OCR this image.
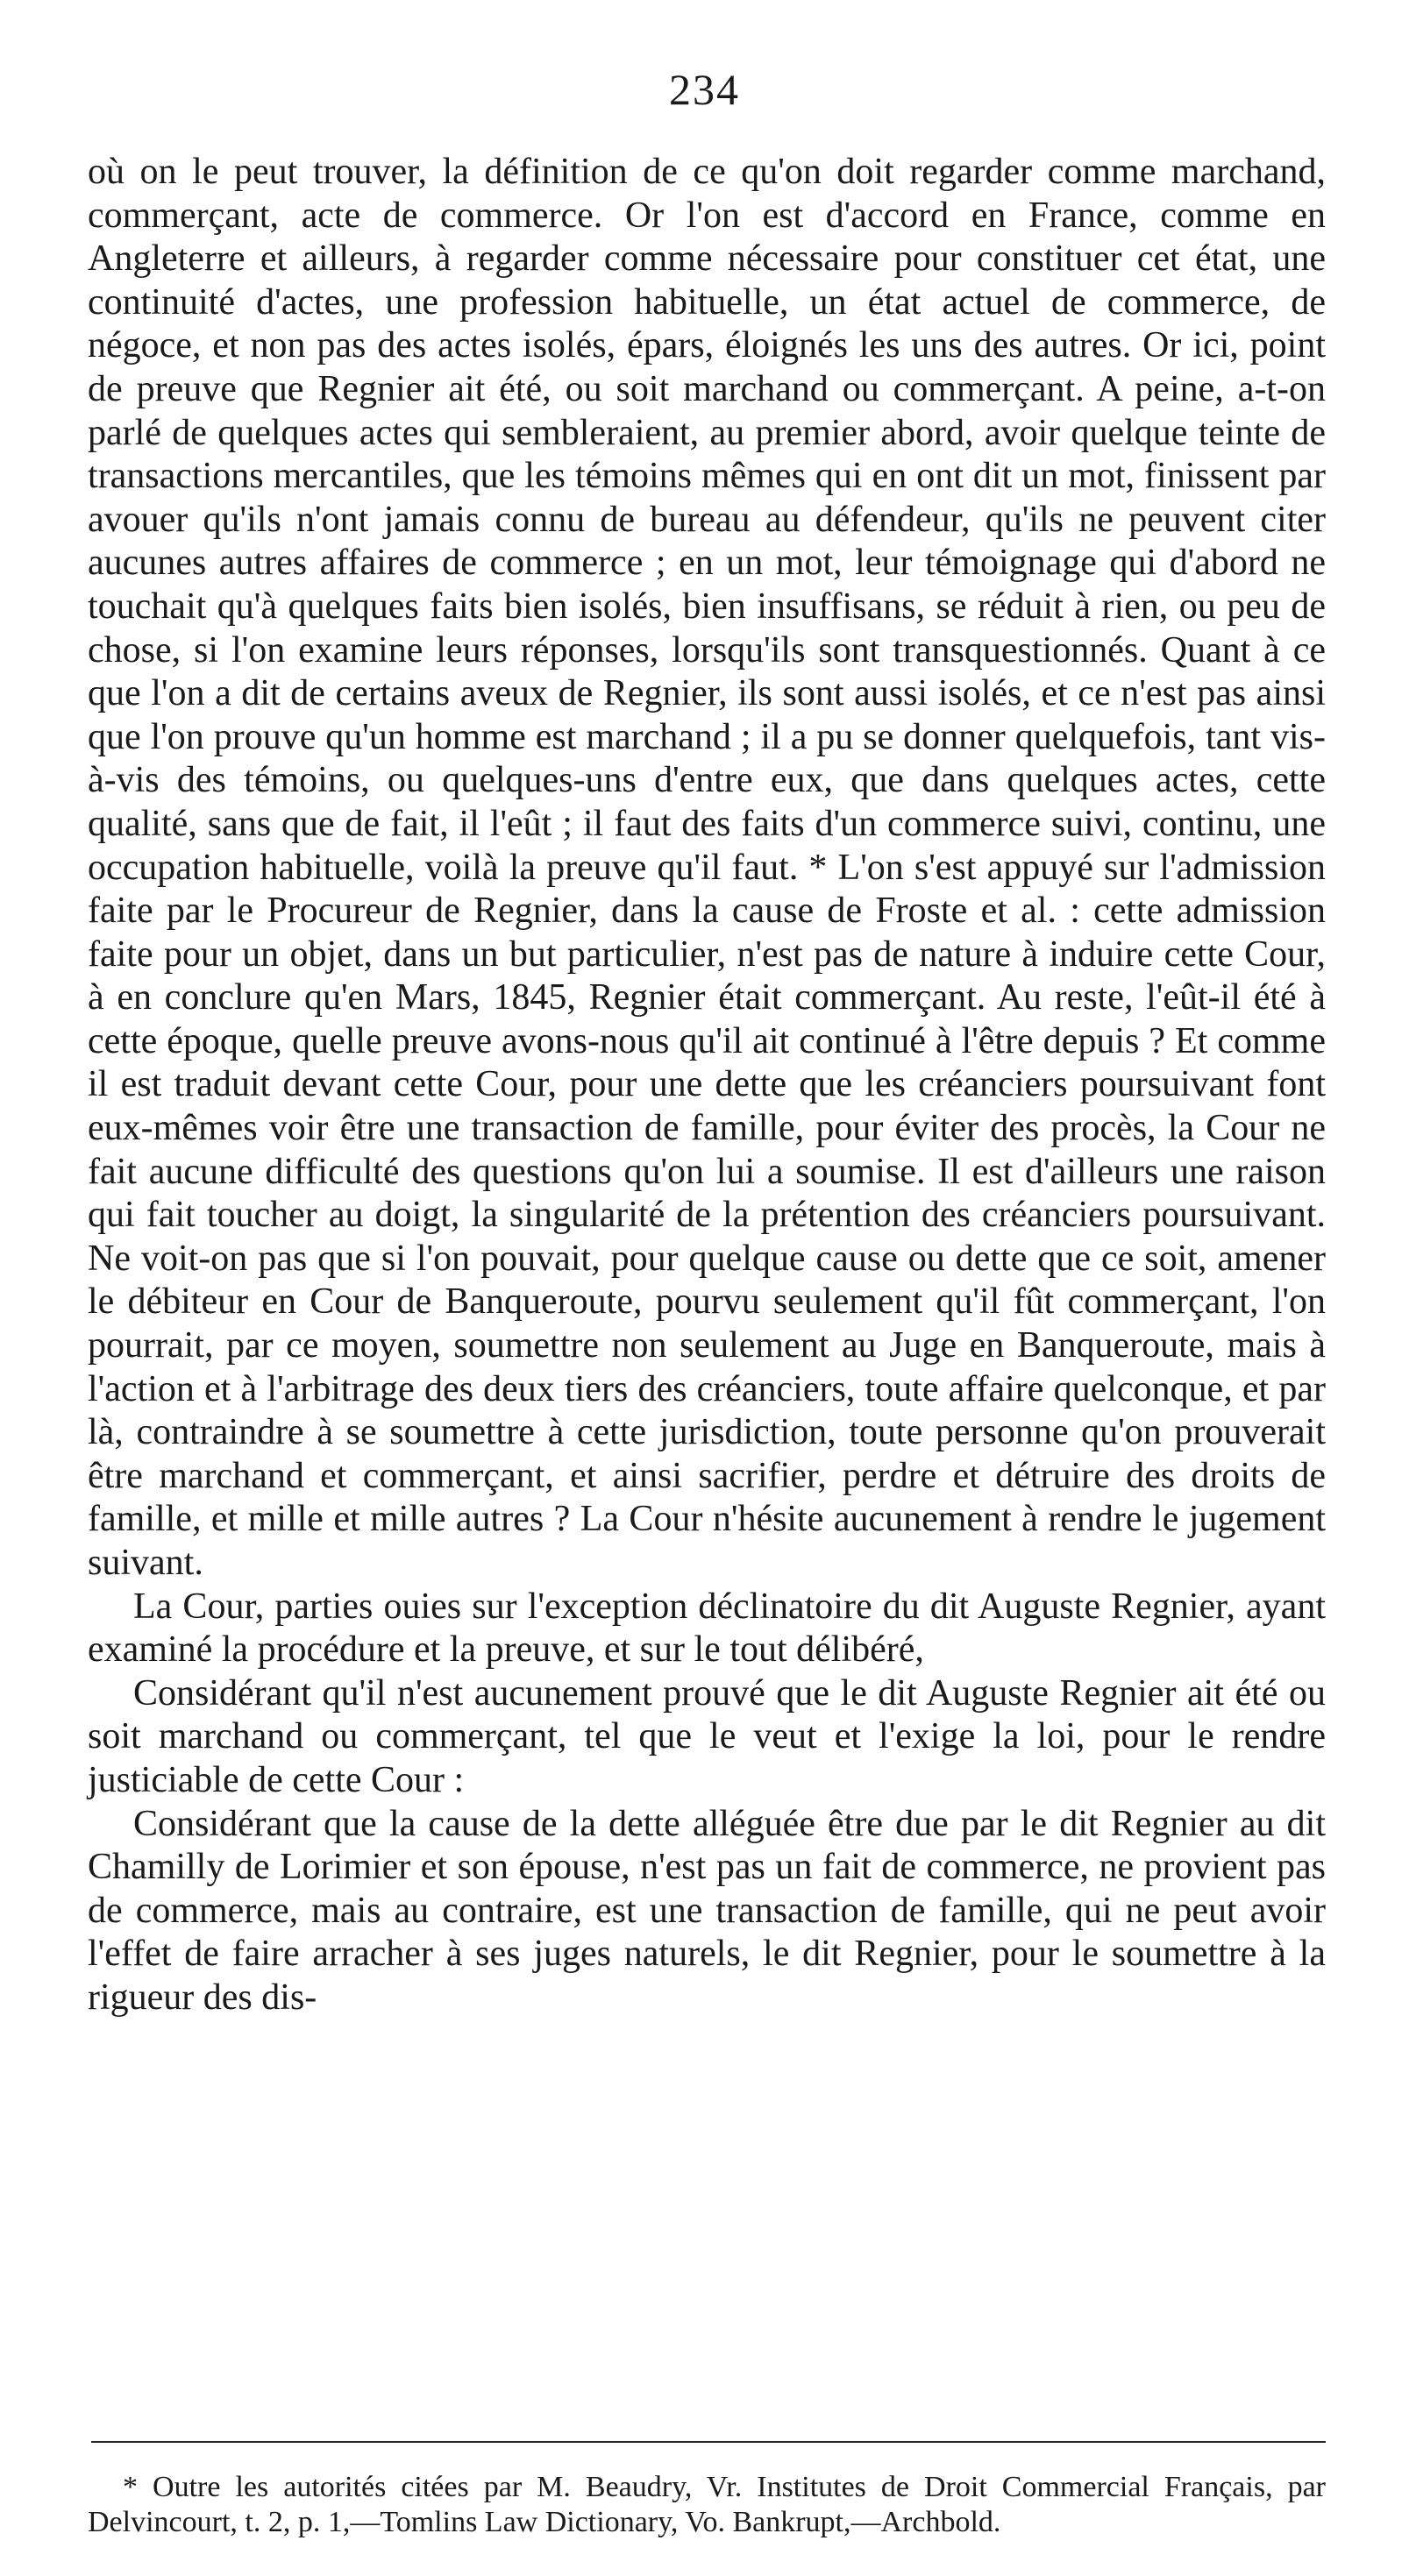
234

où on le peut trouver, la définition de ce qu'on doit regarder comme marchand, commerçant, acte de commerce. Or l'on est d'accord en France, comme en Angleterre et ailleurs, à regarder comme nécessaire pour constituer cet état, une continuité d'actes, une profession habituelle, un état actuel de commerce, de négoce, et non pas des actes isolés, épars, éloignés les uns des autres. Or ici, point de preuve que Regnier ait été, ou soit marchand ou commerçant. A peine, a-t-on parlé de quelques actes qui sembleraient, au premier abord, avoir quelque teinte de transactions mercantiles, que les témoins mêmes qui en ont dit un mot, finissent par avouer qu'ils n'ont jamais connu de bureau au défendeur, qu'ils ne peuvent citer aucunes autres affaires de commerce ; en un mot, leur témoignage qui d'abord ne touchait qu'à quelques faits bien isolés, bien insuffisans, se réduit à rien, ou peu de chose, si l'on examine leurs réponses, lorsqu'ils sont transquestionnés. Quant à ce que l'on a dit de certains aveux de Regnier, ils sont aussi isolés, et ce n'est pas ainsi que l'on prouve qu'un homme est marchand ; il a pu se donner quelquefois, tant vis-à-vis des témoins, ou quelques-uns d'entre eux, que dans quelques actes, cette qualité, sans que de fait, il l'eût ; il faut des faits d'un commerce suivi, continu, une occupation habituelle, voilà la preuve qu'il faut. * L'on s'est appuyé sur l'admission faite par le Procureur de Regnier, dans la cause de Froste et al. : cette admission faite pour un objet, dans un but particulier, n'est pas de nature à induire cette Cour, à en conclure qu'en Mars, 1845, Regnier était commerçant. Au reste, l'eût-il été à cette époque, quelle preuve avons-nous qu'il ait continué à l'être depuis ? Et comme il est traduit devant cette Cour, pour une dette que les créanciers poursuivant font eux-mêmes voir être une transaction de famille, pour éviter des procès, la Cour ne fait aucune difficulté des questions qu'on lui a soumise. Il est d'ailleurs une raison qui fait toucher au doigt, la singularité de la prétention des créanciers poursuivant. Ne voit-on pas que si l'on pouvait, pour quelque cause ou dette que ce soit, amener le débiteur en Cour de Banqueroute, pourvu seulement qu'il fût commerçant, l'on pourrait, par ce moyen, soumettre non seulement au Juge en Banqueroute, mais à l'action et à l'arbitrage des deux tiers des créanciers, toute affaire quelconque, et par là, contraindre à se soumettre à cette jurisdiction, toute personne qu'on prouverait être marchand et commerçant, et ainsi sacrifier, perdre et détruire des droits de famille, et mille et mille autres ? La Cour n'hésite aucunement à rendre le jugement suivant.

La Cour, parties ouies sur l'exception déclinatoire du dit Auguste Regnier, ayant examiné la procédure et la preuve, et sur le tout délibéré,

Considérant qu'il n'est aucunement prouvé que le dit Auguste Regnier ait été ou soit marchand ou commerçant, tel que le veut et l'exige la loi, pour le rendre justiciable de cette Cour :

Considérant que la cause de la dette alléguée être due par le dit Regnier au dit Chamilly de Lorimier et son épouse, n'est pas un fait de commerce, ne provient pas de commerce, mais au contraire, est une transaction de famille, qui ne peut avoir l'effet de faire arracher à ses juges naturels, le dit Regnier, pour le soumettre à la rigueur des dis-

* Outre les autorités citées par M. Beaudry, Vr. Institutes de Droit Commercial Français, par Delvincourt, t. 2, p. 1,—Tomlins Law Dictionary, Vo. Bankrupt,—Archbold.
